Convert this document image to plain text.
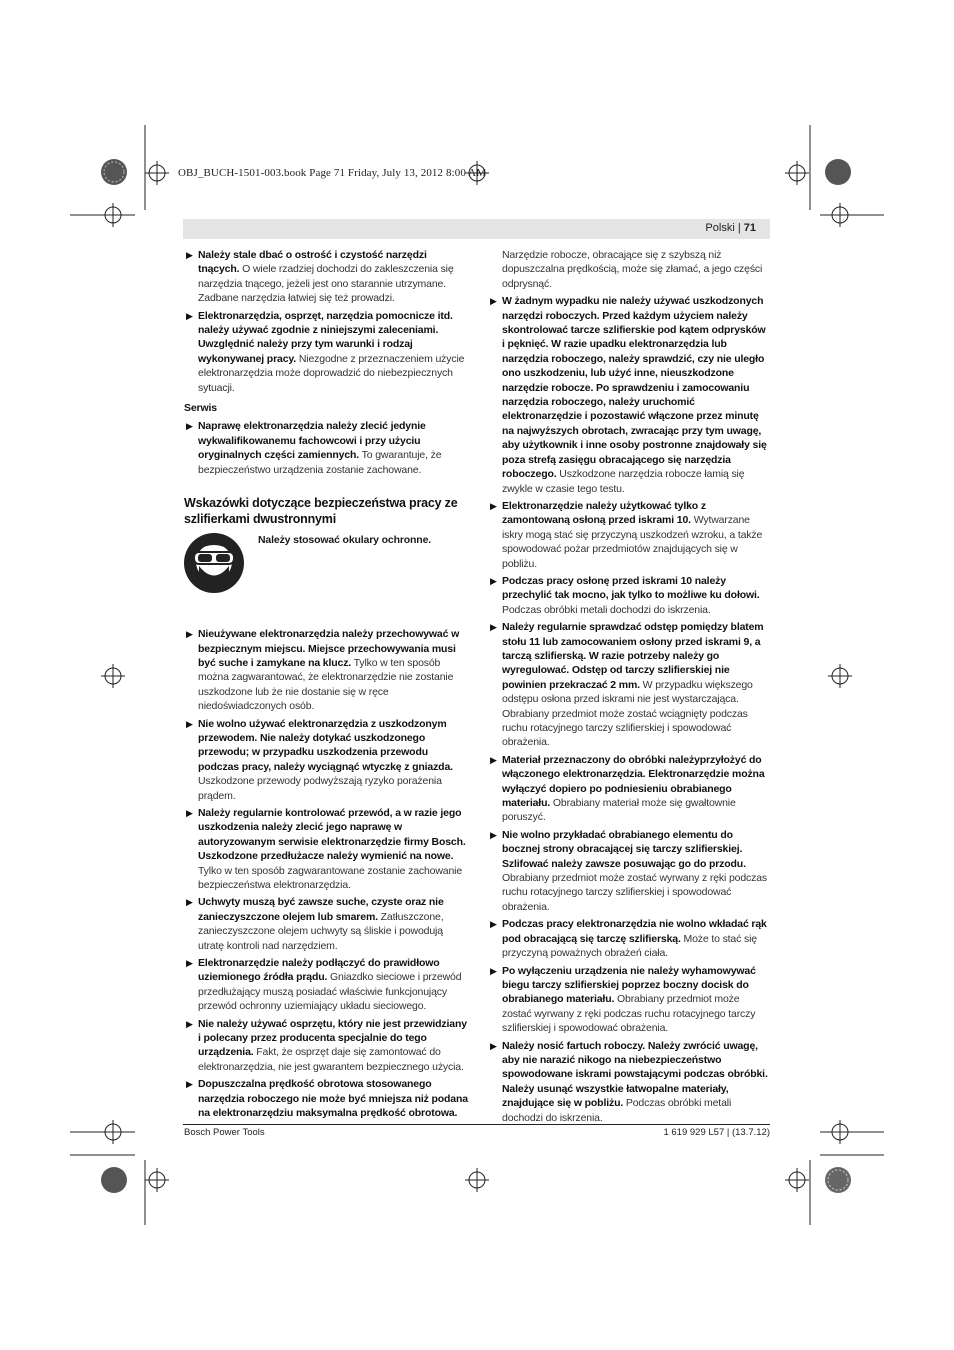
OBJ_BUCH-1501-003.book Page 71 Friday, July 13, 2012 8:00 AM
Polski | 71
▶ Należy stale dbać o ostrość i czystość narzędzi tnących. O wiele rzadziej dochodzi do zakleszczenia się narzędzia tnącego, jeżeli jest ono starannie utrzymane. Zadbane narzędzia łatwiej się też prowadzi.
▶ Elektronarzędzia, osprzęt, narzędzia pomocnicze itd. należy używać zgodnie z niniejszymi zaleceniami. Uwzględnić należy przy tym warunki i rodzaj wykonywanej pracy. Niezgodne z przeznaczeniem użycie elektronarzędzia może doprowadzić do niebezpiecznych sytuacji.
Serwis
▶ Naprawę elektronarzędzia należy zlecić jedynie wykwalifikowanemu fachowcowi i przy użyciu oryginalnych części zamiennych. To gwarantuje, że bezpieczeństwo urządzenia zostanie zachowane.
Wskazówki dotyczące bezpieczeństwa pracy ze szlifierkami dwustronnymi
Należy stosować okulary ochronne.
▶ Nieużywane elektronarzędzia należy przechowywać w bezpiecznym miejscu. Miejsce przechowywania musi być suche i zamykane na klucz. Tylko w ten sposób można zagwarantować, że elektronarzędzie nie zostanie uszkodzone lub że nie dostanie się w ręce niedoświadczonych osób.
▶ Nie wolno używać elektronarzędzia z uszkodzonym przewodem. Nie należy dotykać uszkodzonego przewodu; w przypadku uszkodzenia przewodu podczas pracy, należy wyciągnąć wtyczkę z gniazda. Uszkodzone przewody podwyższają ryzyko porażenia prądem.
▶ Należy regularnie kontrolować przewód, a w razie jego uszkodzenia należy zlecić jego naprawę w autoryzowanym serwisie elektronarzędzie firmy Bosch. Uszkodzone przedłużacze należy wymienić na nowe. Tylko w ten sposób zagwarantowane zostanie zachowanie bezpieczeństwa elektronarzędzia.
▶ Uchwyty muszą być zawsze suche, czyste oraz nie zanieczyszczone olejem lub smarem. Zatłuszczone, zanieczyszczone olejem uchwyty są śliskie i powodują utratę kontroli nad narzędziem.
▶ Elektronarzędzie należy podłączyć do prawidłowo uziemionego źródła prądu. Gniazdko sieciowe i przewód przedłużający muszą posiadać właściwie funkcjonujący przewód ochronny uziemiający układu sieciowego.
▶ Nie należy używać osprzętu, który nie jest przewidziany i polecany przez producenta specjalnie do tego urządzenia. Fakt, że osprzęt daje się zamontować do elektronarzędzia, nie jest gwarantem bezpiecznego użycia.
▶ Dopuszczalna prędkość obrotowa stosowanego narzędzia roboczego nie może być mniejsza niż podana na elektronarzędziu maksymalna prędkość obrotowa.
Narzędzie robocze, obracające się z szybszą niż dopuszczalna prędkością, może się złamać, a jego części odprysnąć.
▶ W żadnym wypadku nie należy używać uszkodzonych narzędzi roboczych. Przed każdym użyciem należy skontrolować tarcze szlifierskie pod kątem odprysków i pęknięć. W razie upadku elektronarzędzia lub narzędzia roboczego, należy sprawdzić, czy nie uległo ono uszkodzeniu, lub użyć inne, nieuszkodzone narzędzie robocze. Po sprawdzeniu i zamocowaniu narzędzia roboczego, należy uruchomić elektronarzędzie i pozostawić włączone przez minutę na najwyższych obrotach, zwracając przy tym uwagę, aby użytkownik i inne osoby postronne znajdowały się poza strefą zasięgu obracającego się narzędzia roboczego. Uszkodzone narzędzia robocze łamią się zwykle w czasie tego testu.
▶ Elektronarzędzie należy użytkować tylko z zamontowaną osłoną przed iskrami 10. Wytwarzane iskry mogą stać się przyczyną uszkodzeń wzroku, a także spowodować pożar przedmiotów znajdujących się w pobliżu.
▶ Podczas pracy osłonę przed iskrami 10 należy przechylić tak mocno, jak tylko to możliwe ku dołowi. Podczas obróbki metali dochodzi do iskrzenia.
▶ Należy regularnie sprawdzać odstęp pomiędzy blatem stołu 11 lub zamocowaniem osłony przed iskrami 9, a tarczą szlifierską. W razie potrzeby należy go wyregulować. Odstęp od tarczy szlifierskiej nie powinien przekraczać 2 mm. W przypadku większego odstępu osłona przed iskrami nie jest wystarczająca. Obrabiany przedmiot może zostać wciągnięty podczas ruchu rotacyjnego tarczy szlifierskiej i spowodować obrażenia.
▶ Materiał przeznaczony do obróbki należyprzyłożyć do włączonego elektronarzędzia. Elektronarzędzie można wyłączyć dopiero po podniesieniu obrabianego materiału. Obrabiany materiał może się gwałtownie poruszyć.
▶ Nie wolno przykładać obrabianego elementu do bocznej strony obracającej się tarczy szlifierskiej. Szlifować należy zawsze posuwając go do przodu. Obrabiany przedmiot może zostać wyrwany z ręki podczas ruchu rotacyjnego tarczy szlifierskiej i spowodować obrażenia.
▶ Podczas pracy elektronarzędzia nie wolno wkładać rąk pod obracającą się tarczę szlifierską. Może to stać się przyczyną poważnych obrażeń ciała.
▶ Po wyłączeniu urządzenia nie należy wyhamowywać biegu tarczy szlifierskiej poprzez boczny docisk do obrabianego materiału. Obrabiany przedmiot może zostać wyrwany z ręki podczas ruchu rotacyjnego tarczy szlifierskiej i spowodować obrażenia.
▶ Należy nosić fartuch roboczy. Należy zwrócić uwagę, aby nie narazić nikogo na niebezpieczeństwo spowodowane iskrami powstającymi podczas obróbki. Należy usunąć wszystkie łatwopalne materiały, znajdujące się w pobliżu. Podczas obróbki metali dochodzi do iskrzenia.
Bosch Power Tools	1 619 929 L57 | (13.7.12)
